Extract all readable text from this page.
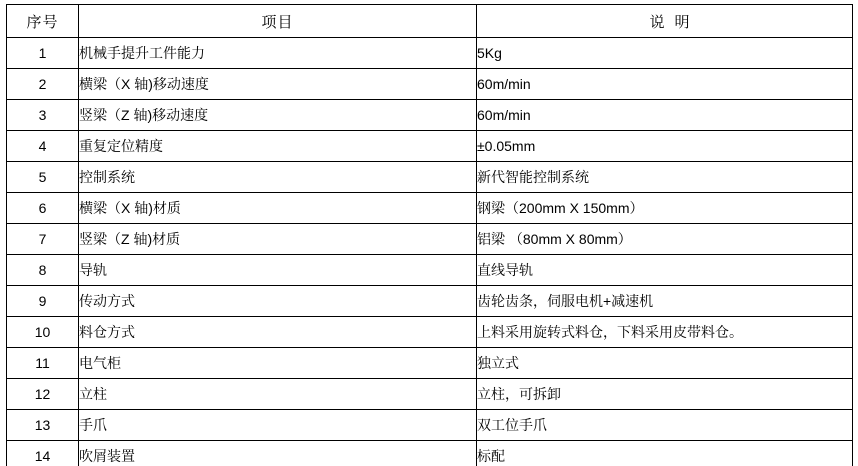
序号	项目	说明
1	机械手提升工件能力	5Kg
2	横梁（X 轴)移动速度	60m/min
3	竖梁（Z 轴)移动速度	60m/min
4	重复定位精度	±0.05mm
5	控制系统	新代智能控制系统
6	横梁（X 轴)材质	钢梁（200mm X 150mm）
7	竖梁（Z 轴)材质	铝梁 （80mm X 80mm）
8	导轨	直线导轨
9	传动方式	齿轮齿条，伺服电机+减速机
10	料仓方式	上料采用旋转式料仓，下料采用皮带料仓。
11	电气柜	独立式
12	立柱	立柱，可拆卸
13	手爪	双工位手爪
14	吹屑装置	标配
